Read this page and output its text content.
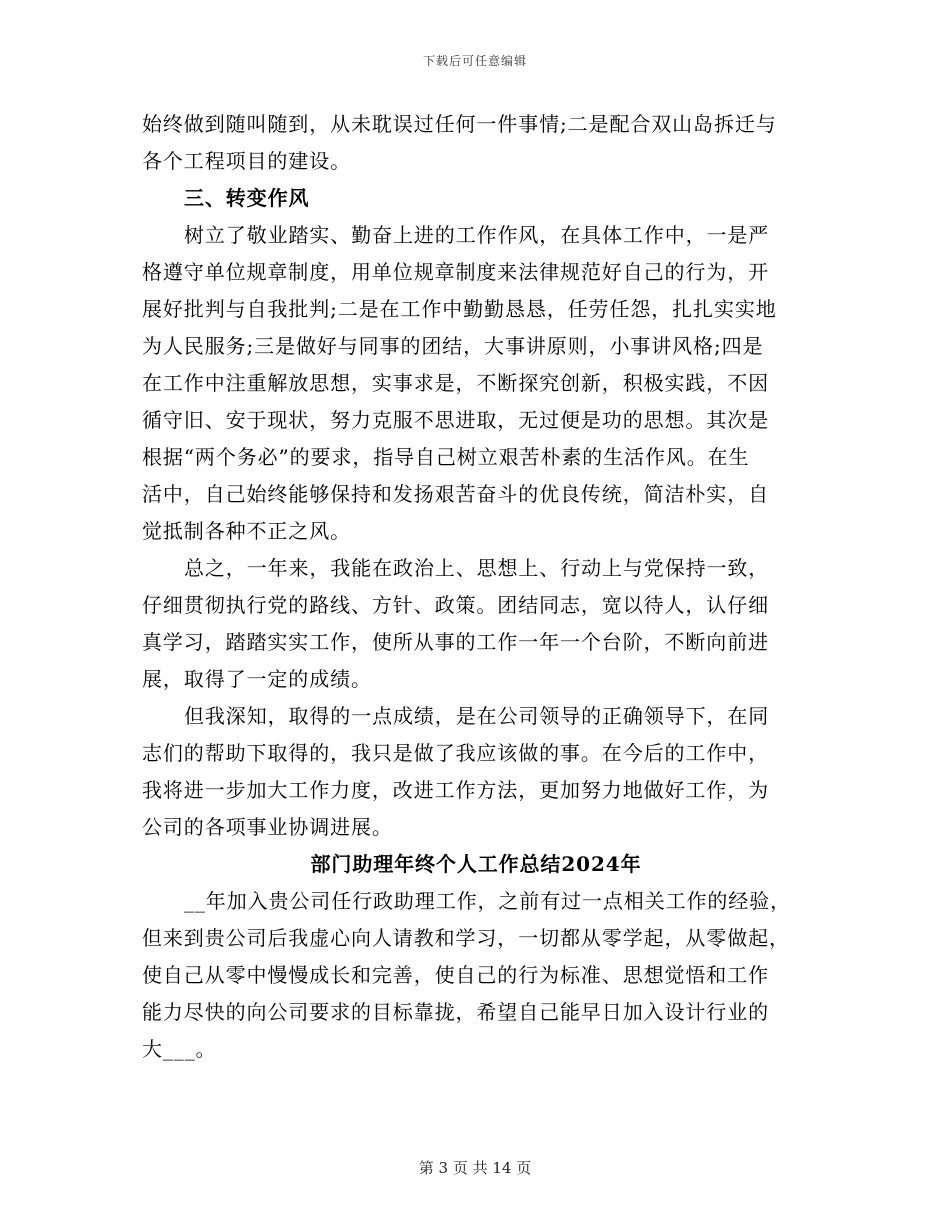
下载后可任意编辑
始终做到随叫随到，从未耽误过任何一件事情;二是配合双山岛拆迁与
各个工程项目的建设。
三、转变作风
树立了敬业踏实、勤奋上进的工作作风，在具体工作中，一是严
格遵守单位规章制度，用单位规章制度来法律规范好自己的行为，开
展好批判与自我批判;二是在工作中勤勤恳恳，任劳任怨，扎扎实实地
为人民服务;三是做好与同事的团结，大事讲原则，小事讲风格;四是
在工作中注重解放思想，实事求是，不断探究创新，积极实践，不因
循守旧、安于现状，努力克服不思进取，无过便是功的思想。其次是
根据“两个务必”的要求，指导自己树立艰苦朴素的生活作风。在生
活中，自己始终能够保持和发扬艰苦奋斗的优良传统，简洁朴实，自
觉抵制各种不正之风。
总之，一年来，我能在政治上、思想上、行动上与党保持一致，
仔细贯彻执行党的路线、方针、政策。团结同志，宽以待人，认仔细
真学习，踏踏实实工作，使所从事的工作一年一个台阶，不断向前进
展，取得了一定的成绩。
但我深知，取得的一点成绩，是在公司领导的正确领导下，在同
志们的帮助下取得的，我只是做了我应该做的事。在今后的工作中，
我将进一步加大工作力度，改进工作方法，更加努力地做好工作，为
公司的各项事业协调进展。
部门助理年终个人工作总结2024年
__年加入贵公司任行政助理工作，之前有过一点相关工作的经验，
但来到贵公司后我虚心向人请教和学习，一切都从零学起，从零做起，
使自己从零中慢慢成长和完善，使自己的行为标准、思想觉悟和工作
能力尽快的向公司要求的目标靠拢，希望自己能早日加入设计行业的
大___。
第 3 页 共 14 页
